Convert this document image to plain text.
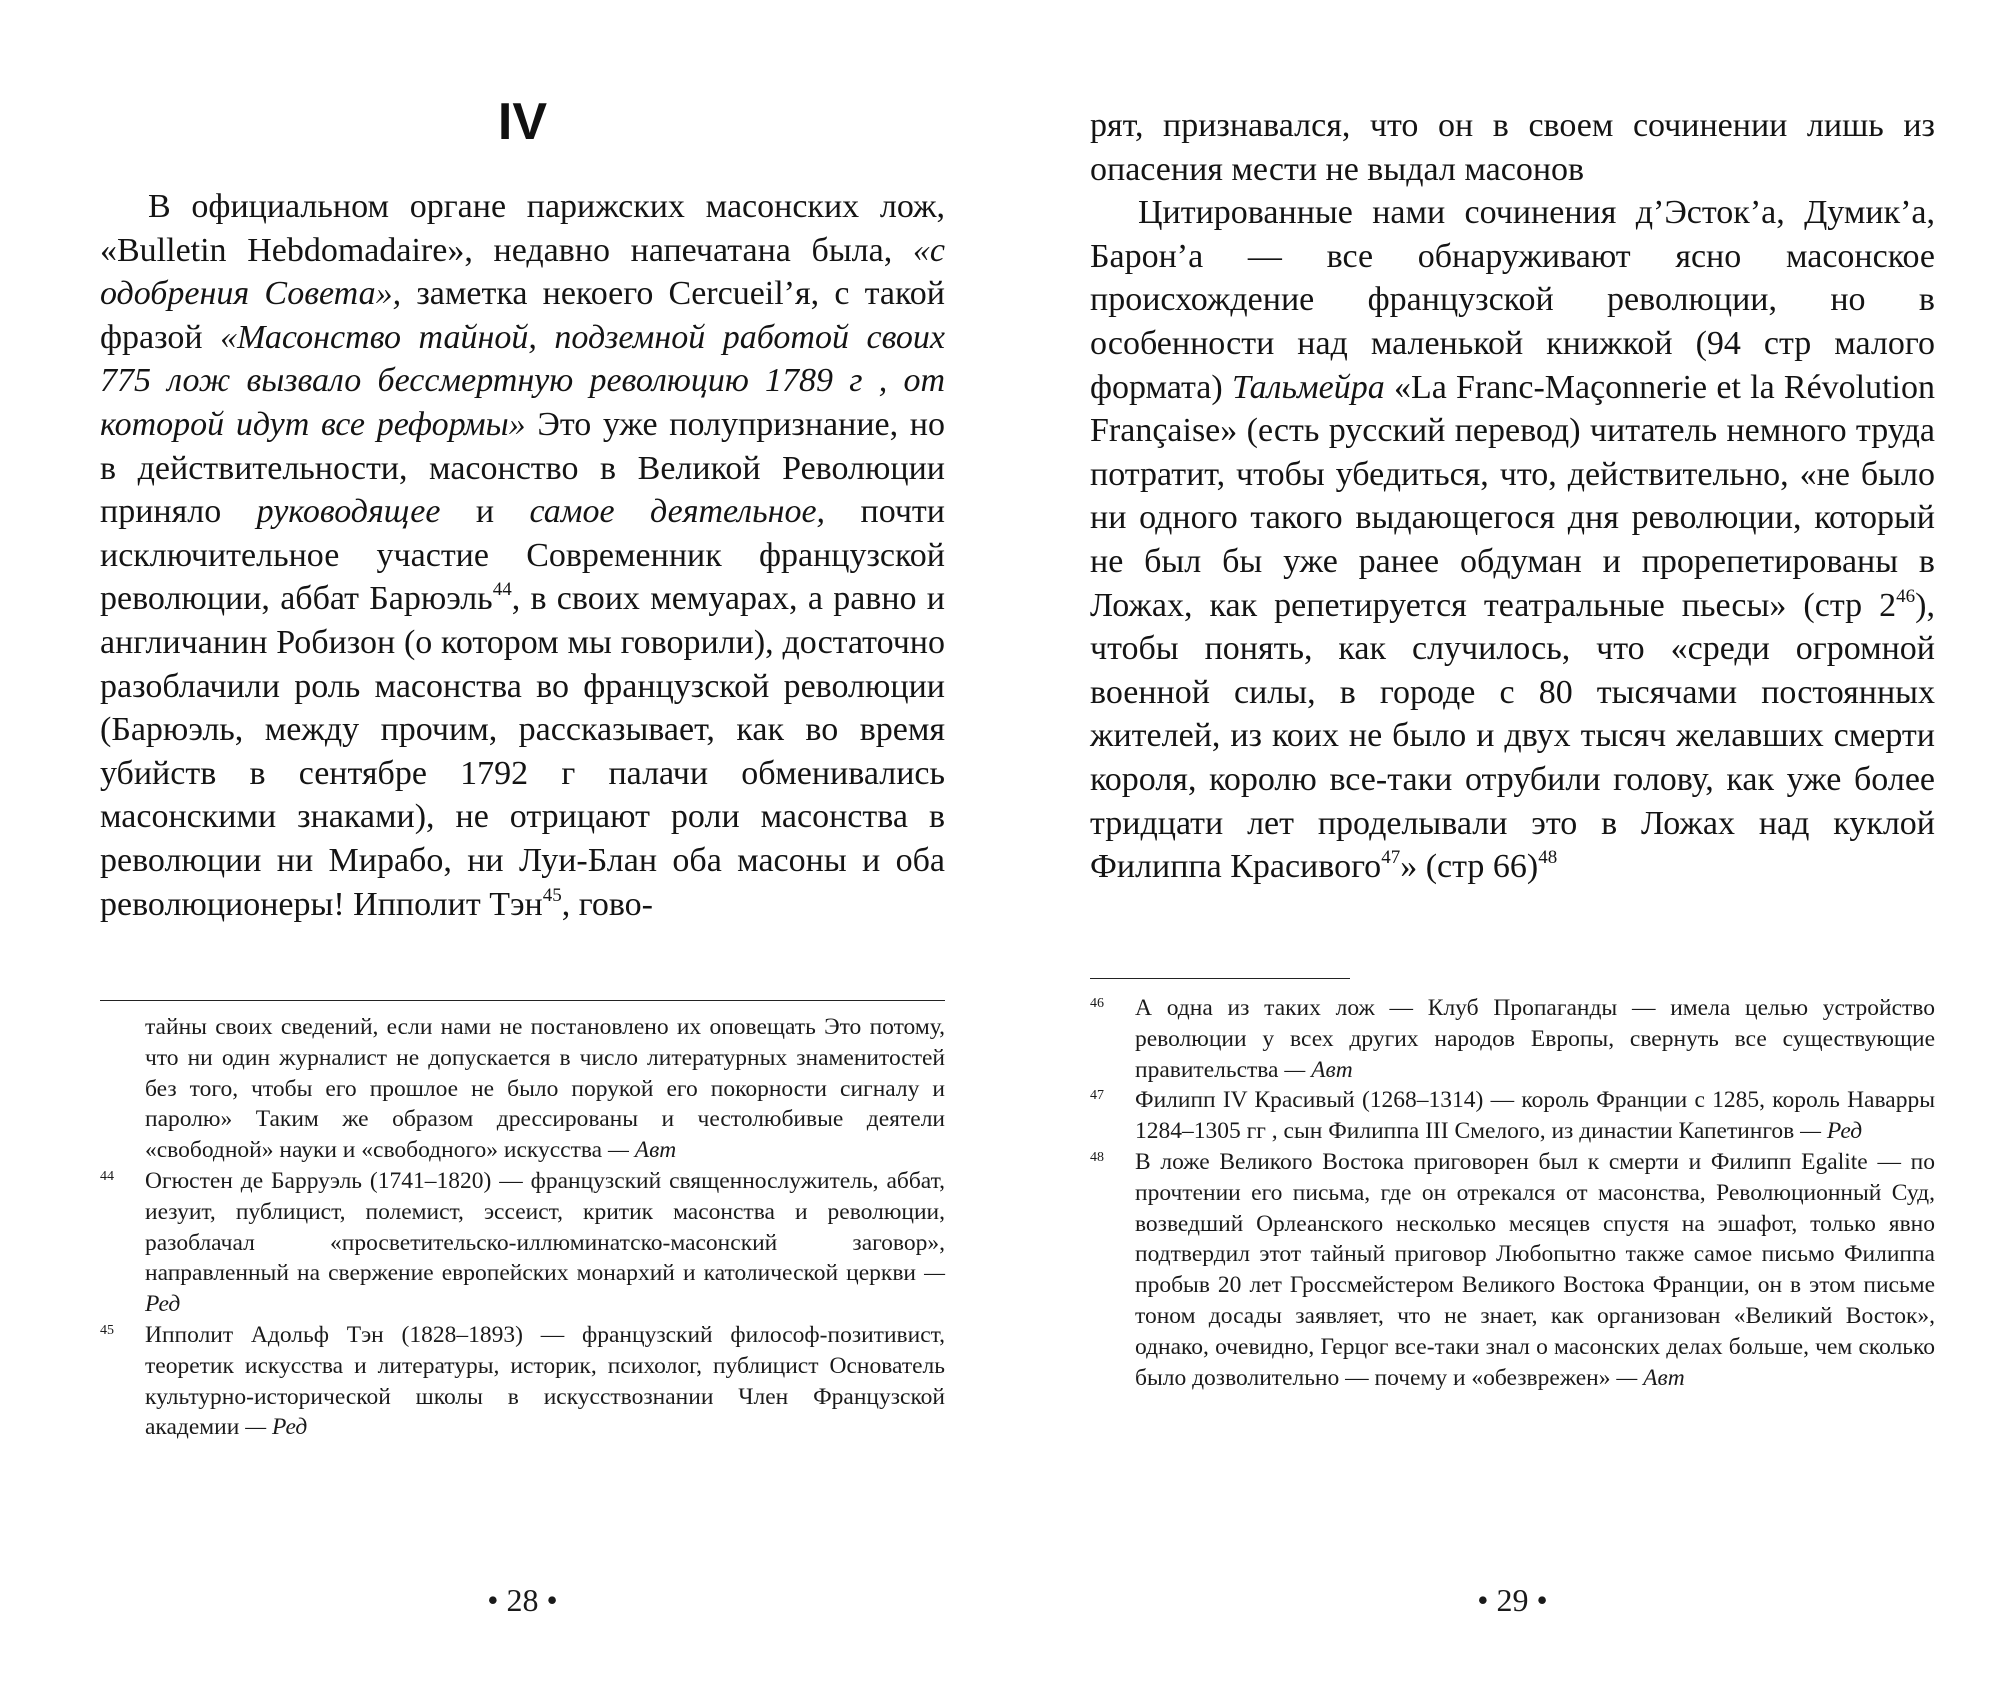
IV

В официальном органе парижских масонских лож, «Bulletin Hebdomadaire», недавно напечатана была, «с одобрения Совета», заметка некоего Cercueil’я, с такой фразой «Масонство тайной, подземной работой своих 775 лож вызвало бессмертную революцию 1789 г , от которой идут все реформы» Это уже полупризнание, но в действительности, масонство в Великой Революции приняло руководящее и самое деятельное, почти исключительное участие Современник французской революции, аббат Барюэль$^{44}$, в своих мемуарах, а равно и англичанин Робизон (о котором мы говорили), достаточно разоблачили роль масонства во французской революции (Барюэль, между прочим, рассказывает, как во время убийств в сентябре 1792 г палачи обменивались масонскими знаками), не отрицают роли масонства в революции ни Мирабо, ни Луи-Блан оба масоны и оба революционеры! Ипполит Тэн$^{45}$, гово-

тайны своих сведений, если нами не постановлено их оповещать Это потому, что ни один журналист не допускается в число литературных знаменитостей без того, чтобы его прошлое не было порукой его покорности сигналу и паролю» Таким же образом дрессированы и честолюбивые деятели «свободной» науки и «свободного» искусства — Авт
44 Огюстен де Барруэль (1741–1820) — французский священнослужитель, аббат, иезуит, публицист, полемист, эссеист, критик масонства и революции, разоблачал «просветительско-иллюминатско-масонский заговор», направленный на свержение европейских монархий и католической церкви — Ред
45 Ипполит Адольф Тэн (1828–1893) — французский философ-позитивист, теоретик искусства и литературы, историк, психолог, публицист Основатель культурно-исторической школы в искусствознании Член Французской академии — Ред
• 28 •

рят, признавался, что он в своем сочинении лишь из опасения мести не выдал масонов

Цитированные нами сочинения д’Эсток’а, Думик’а, Барон’а — все обнаруживают ясно масонское происхождение французской революции, но в особенности над маленькой книжкой (94 стр малого формата) Тальмейра «La Franc-Maçonnerie et la Révolution Française» (есть русский перевод) читатель немного труда потратит, чтобы убедиться, что, действительно, «не было ни одного такого выдающегося дня революции, который не был бы уже ранее обдуман и прорепетированы в Ложах, как репетируется театральные пьесы» (стр $2^{46}$), чтобы понять, как случилось, что «среди огромной военной силы, в городе с 80 тысячами постоянных жителей, из коих не было и двух тысяч желавших смерти короля, королю все-таки отрубили голову, как уже более тридцати лет проделывали это в Ложах над куклой Филиппа Красивого$^{47}$» (стр 66)$^{48}$

46 А одна из таких лож — Клуб Пропаганды — имела целью устройство революции у всех других народов Европы, свернуть все существующие правительства — Авт
47 Филипп IV Красивый (1268–1314) — король Франции с 1285, король Наварры 1284–1305 гг , сын Филиппа III Смелого, из династии Капетингов — Ред
48 В ложе Великого Востока приговорен был к смерти и Филипп Egalite — по прочтении его письма, где он отрекался от масонства, Революционный Суд, возведший Орлеанского несколько месяцев спустя на эшафот, только явно подтвердил этот тайный приговор Любопытно также самое письмо Филиппа пробыв 20 лет Гроссмейстером Великого Востока Франции, он в этом письме тоном досады заявляет, что не знает, как организован «Великий Восток», однако, очевидно, Герцог все-таки знал о масонских делах больше, чем сколько было дозволительно — почему и «обезврежен» — Авт
• 29 •
